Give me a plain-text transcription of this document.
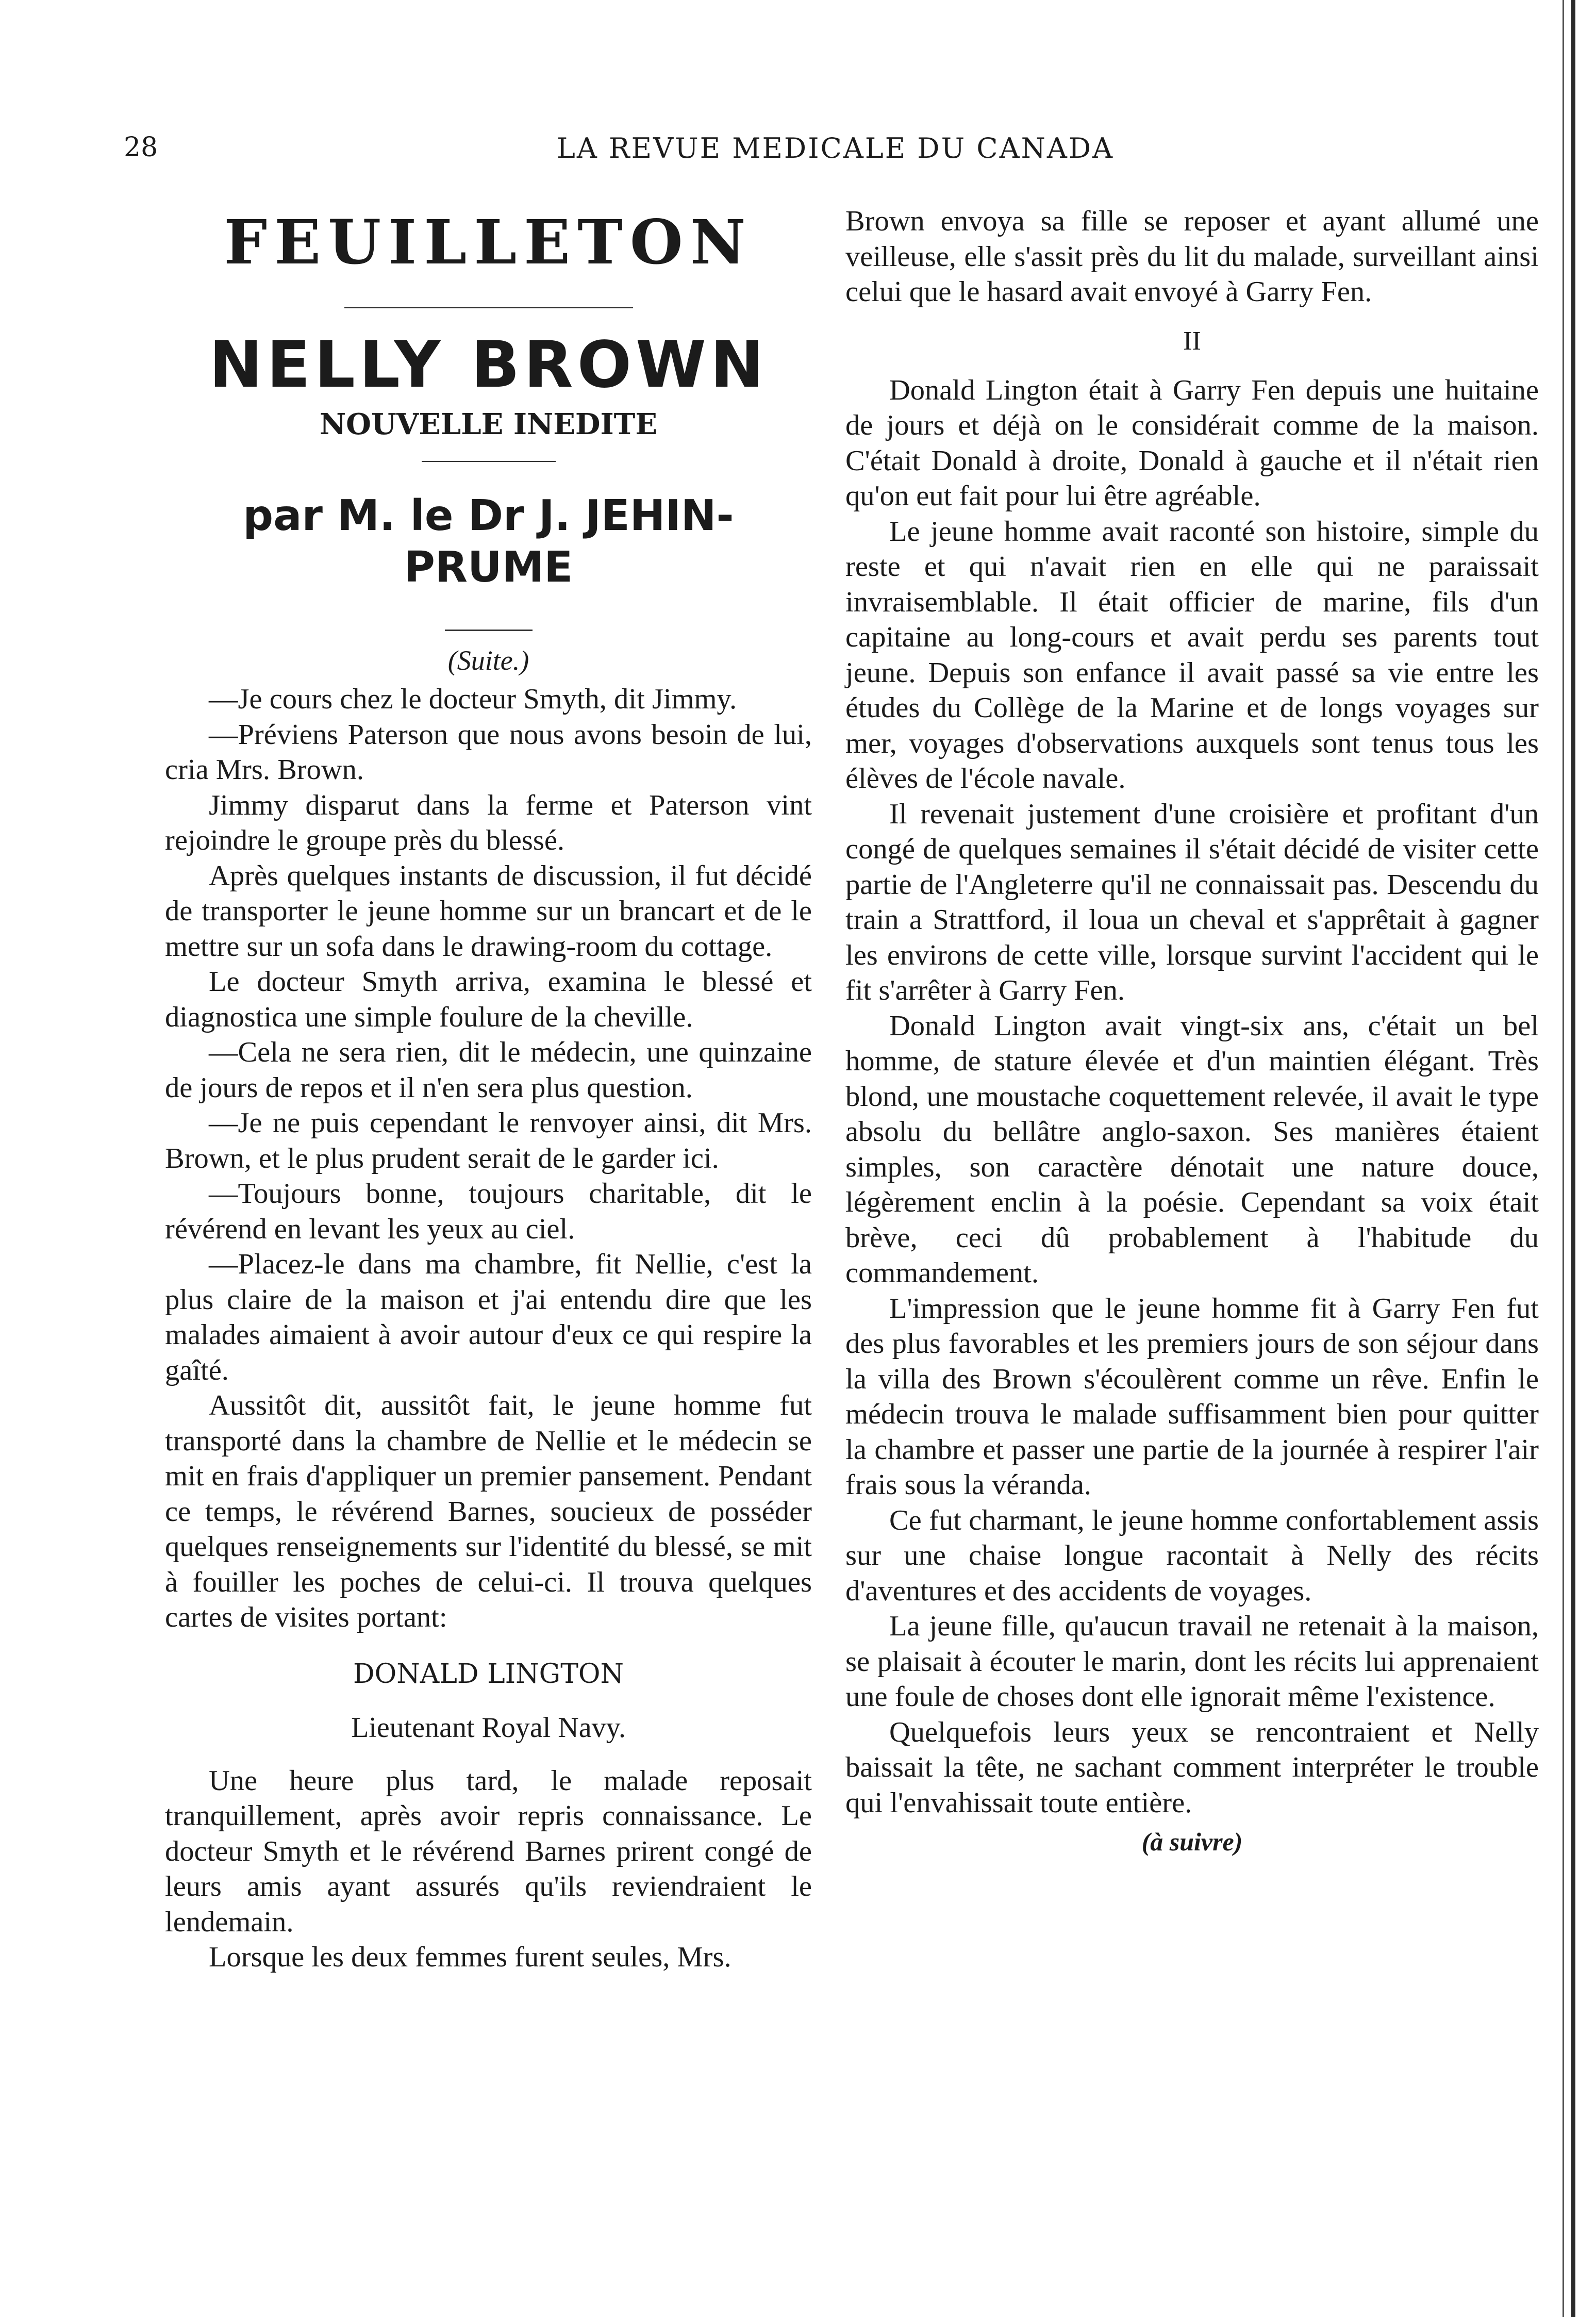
28	LA REVUE MEDICALE DU CANADA
FEUILLETON
NELLY BROWN
NOUVELLE INEDITE
par M. le Dr J. JEHIN-PRUME
(Suite.)

—Je cours chez le docteur Smyth, dit Jimmy.

—Préviens Paterson que nous avons besoin de lui, cria Mrs. Brown.

Jimmy disparut dans la ferme et Paterson vint rejoindre le groupe près du blessé.

Après quelques instants de discussion, il fut décidé de transporter le jeune homme sur un brancart et de le mettre sur un sofa dans le drawing-room du cottage.

Le docteur Smyth arriva, examina le blessé et diagnostica une simple foulure de la cheville.

—Cela ne sera rien, dit le médecin, une quinzaine de jours de repos et il n'en sera plus question.

—Je ne puis cependant le renvoyer ainsi, dit Mrs. Brown, et le plus prudent serait de le garder ici.

—Toujours bonne, toujours charitable, dit le révérend en levant les yeux au ciel.

—Placez-le dans ma chambre, fit Nellie, c'est la plus claire de la maison et j'ai entendu dire que les malades aimaient à avoir autour d'eux ce qui respire la gaîté.

Aussitôt dit, aussitôt fait, le jeune homme fut transporté dans la chambre de Nellie et le médecin se mit en frais d'appliquer un premier pansement. Pendant ce temps, le révérend Barnes, soucieux de posséder quelques renseignements sur l'identité du blessé, se mit à fouiller les poches de celui-ci. Il trouva quelques cartes de visites portant:

DONALD LINGTON
Lieutenant Royal Navy.

Une heure plus tard, le malade reposait tranquillement, après avoir repris connaissance. Le docteur Smyth et le révérend Barnes prirent congé de leurs amis ayant assurés qu'ils reviendraient le lendemain.

Lorsque les deux femmes furent seules, Mrs.

Brown envoya sa fille se reposer et ayant allumé une veilleuse, elle s'assit près du lit du malade, surveillant ainsi celui que le hasard avait envoyé à Garry Fen.

II

Donald Lington était à Garry Fen depuis une huitaine de jours et déjà on le considérait comme de la maison. C'était Donald à droite, Donald à gauche et il n'était rien qu'on eut fait pour lui être agréable.

Le jeune homme avait raconté son histoire, simple du reste et qui n'avait rien en elle qui ne paraissait invraisemblable. Il était officier de marine, fils d'un capitaine au long-cours et avait perdu ses parents tout jeune. Depuis son enfance il avait passé sa vie entre les études du Collège de la Marine et de longs voyages sur mer, voyages d'observations auxquels sont tenus tous les élèves de l'école navale.

Il revenait justement d'une croisière et profitant d'un congé de quelques semaines il s'était décidé de visiter cette partie de l'Angleterre qu'il ne connaissait pas. Descendu du train a Strattford, il loua un cheval et s'apprêtait à gagner les environs de cette ville, lorsque survint l'accident qui le fit s'arrêter à Garry Fen.

Donald Lington avait vingt-six ans, c'était un bel homme, de stature élevée et d'un maintien élégant. Très blond, une moustache coquettement relevée, il avait le type absolu du bellâtre anglo-saxon. Ses manières étaient simples, son caractère dénotait une nature douce, légèrement enclin à la poésie. Cependant sa voix était brève, ceci dû probablement à l'habitude du commandement.

L'impression que le jeune homme fit à Garry Fen fut des plus favorables et les premiers jours de son séjour dans la villa des Brown s'écoulèrent comme un rêve. Enfin le médecin trouva le malade suffisamment bien pour quitter la chambre et passer une partie de la journée à respirer l'air frais sous la véranda.

Ce fut charmant, le jeune homme confortablement assis sur une chaise longue racontait à Nelly des récits d'aventures et des accidents de voyages.

La jeune fille, qu'aucun travail ne retenait à la maison, se plaisait à écouter le marin, dont les récits lui apprenaient une foule de choses dont elle ignorait même l'existence.

Quelquefois leurs yeux se rencontraient et Nelly baissait la tête, ne sachant comment interpréter le trouble qui l'envahissait toute entière.

(à suivre)
